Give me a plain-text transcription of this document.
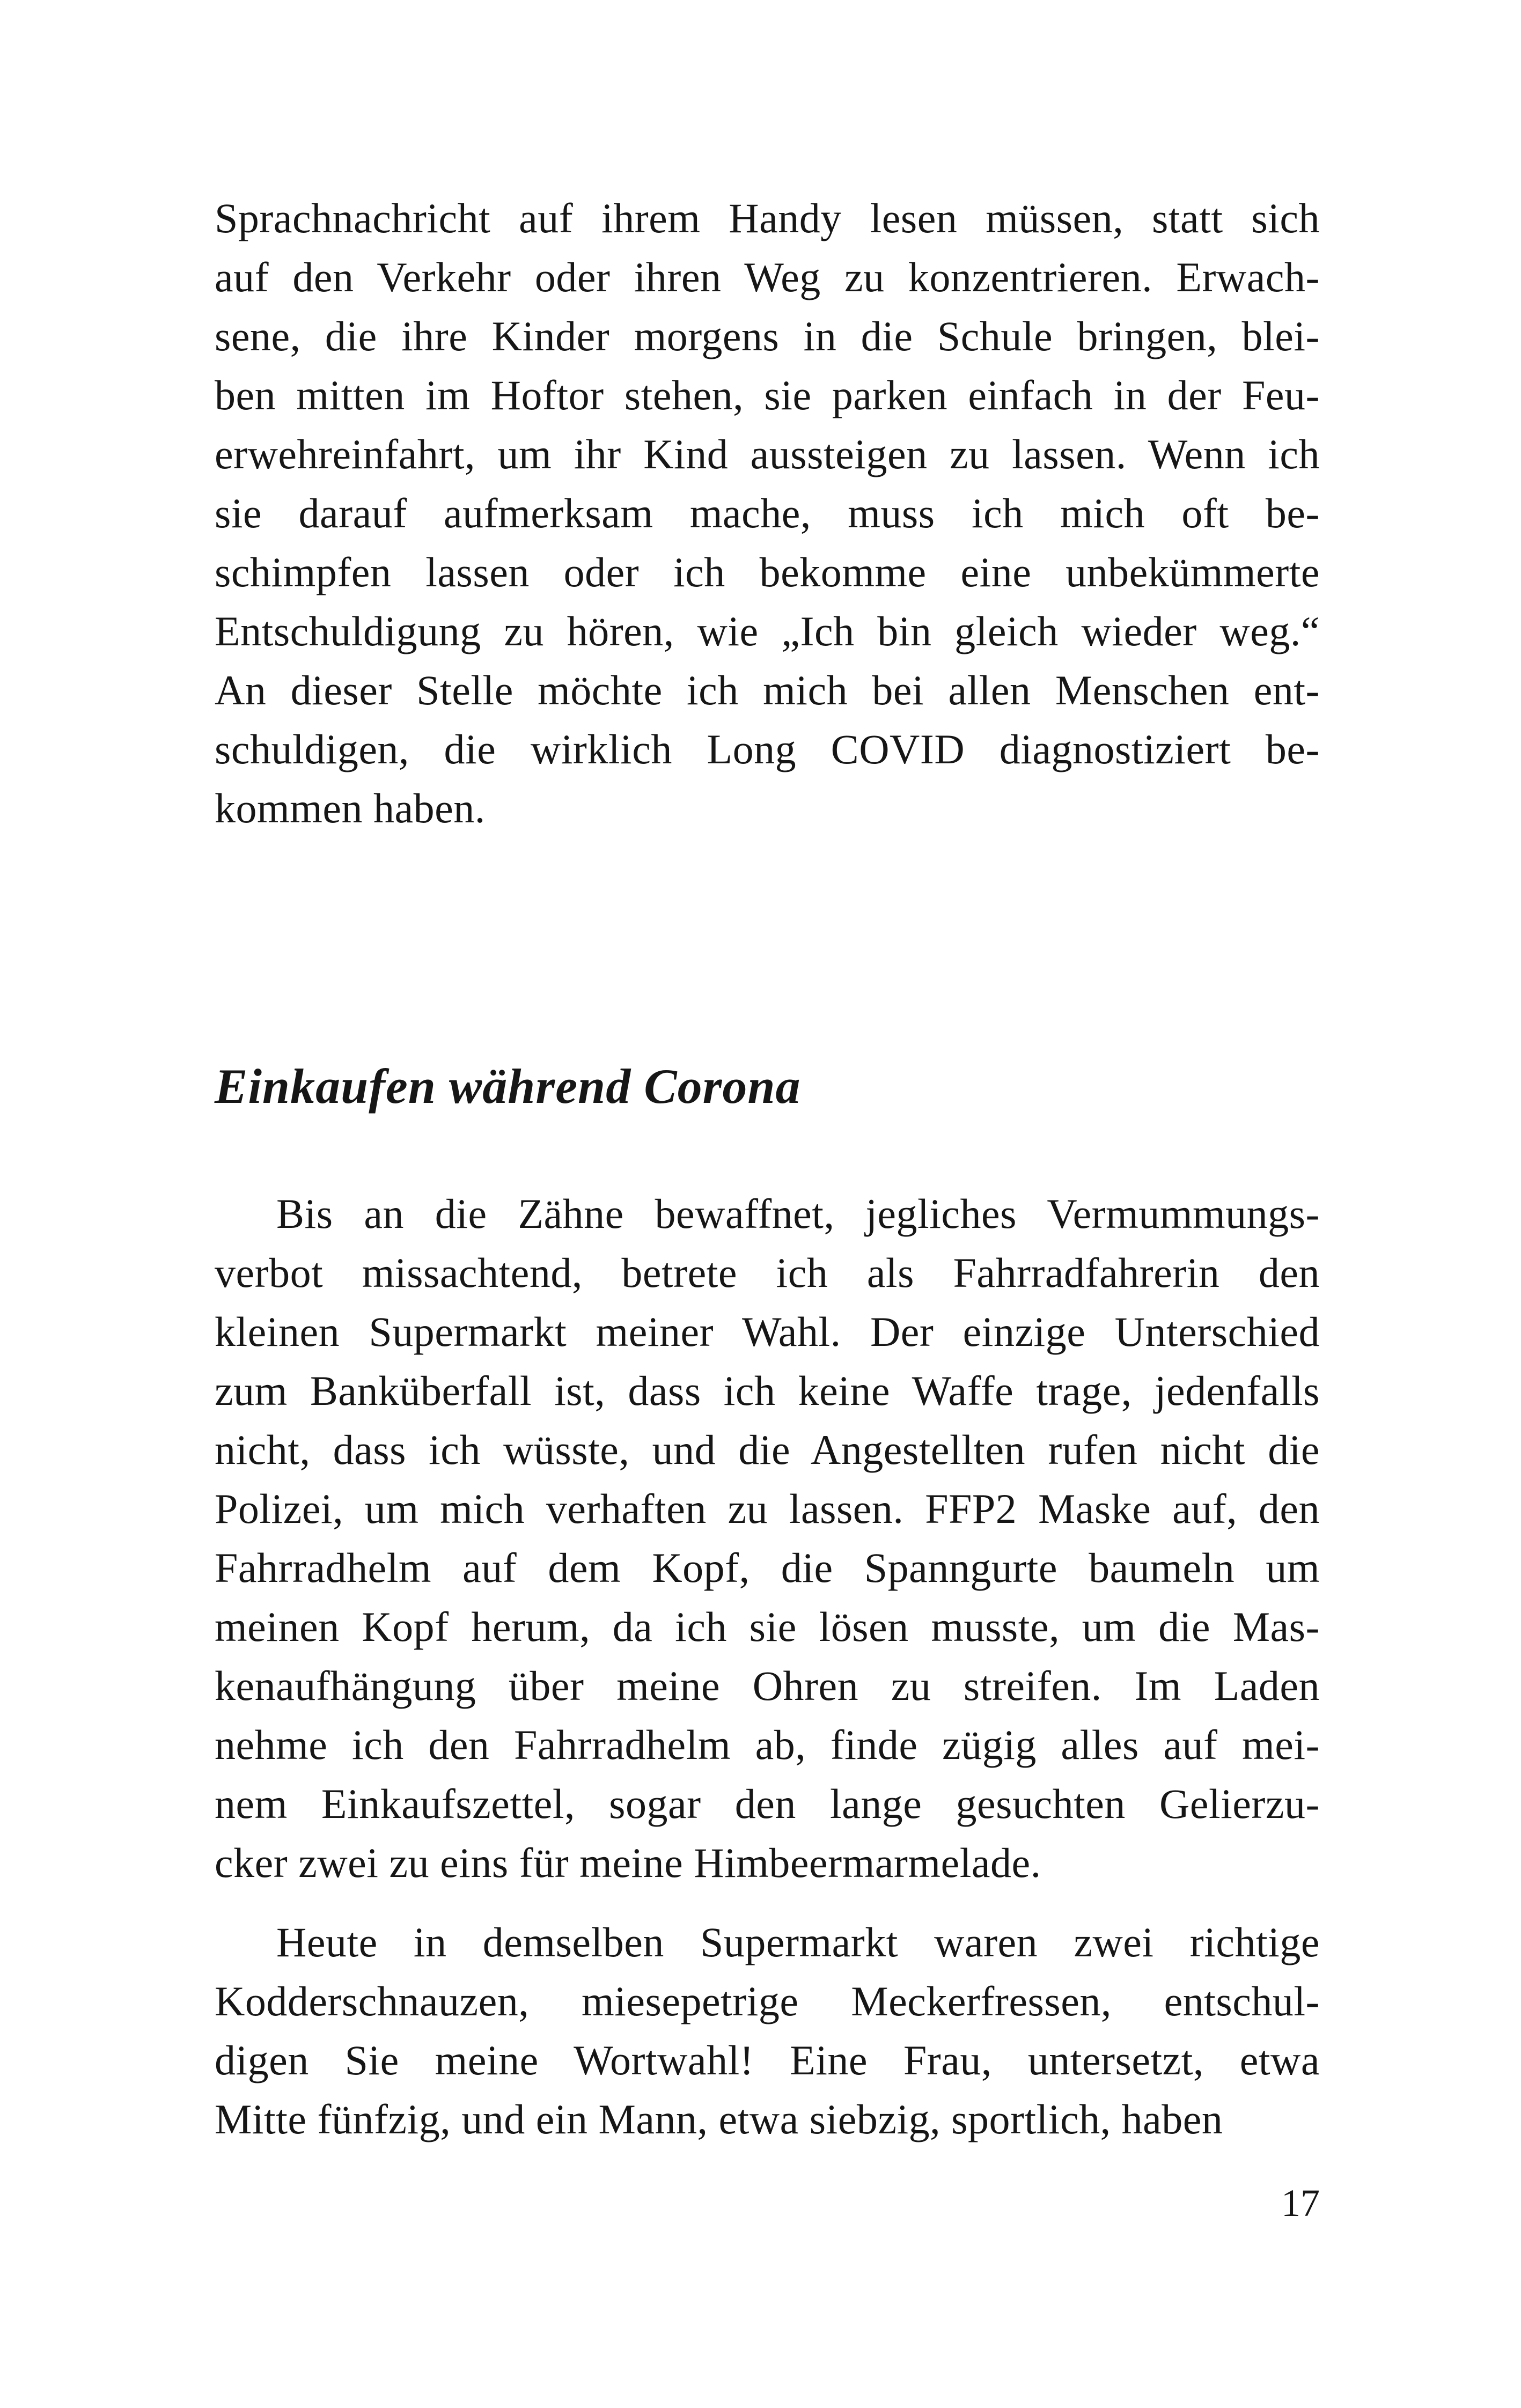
Sprachnachricht auf ihrem Handy lesen müssen, statt sich
auf den Verkehr oder ihren Weg zu konzentrieren. Erwach-
sene, die ihre Kinder morgens in die Schule bringen, blei-
ben mitten im Hoftor stehen, sie parken einfach in der Feu-
erwehreinfahrt, um ihr Kind aussteigen zu lassen. Wenn ich
sie darauf aufmerksam mache, muss ich mich oft be-
schimpfen lassen oder ich bekomme eine unbekümmerte
Entschuldigung zu hören, wie „Ich bin gleich wieder weg.“
An dieser Stelle möchte ich mich bei allen Menschen ent-
schuldigen, die wirklich Long COVID diagnostiziert be-
kommen haben.
Einkaufen während Corona
Bis an die Zähne bewaffnet, jegliches Vermummungs-
verbot missachtend, betrete ich als Fahrradfahrerin den
kleinen Supermarkt meiner Wahl. Der einzige Unterschied
zum Banküberfall ist, dass ich keine Waffe trage, jedenfalls
nicht, dass ich wüsste, und die Angestellten rufen nicht die
Polizei, um mich verhaften zu lassen. FFP2 Maske auf, den
Fahrradhelm auf dem Kopf, die Spanngurte baumeln um
meinen Kopf herum, da ich sie lösen musste, um die Mas-
kenaufhängung über meine Ohren zu streifen. Im Laden
nehme ich den Fahrradhelm ab, finde zügig alles auf mei-
nem Einkaufszettel, sogar den lange gesuchten Gelierzu-
cker zwei zu eins für meine Himbeermarmelade.
Heute in demselben Supermarkt waren zwei richtige
Kodderschnauzen, miesepetrige Meckerfressen, entschul-
digen Sie meine Wortwahl! Eine Frau, untersetzt, etwa
Mitte fünfzig, und ein Mann, etwa siebzig, sportlich, haben
17
